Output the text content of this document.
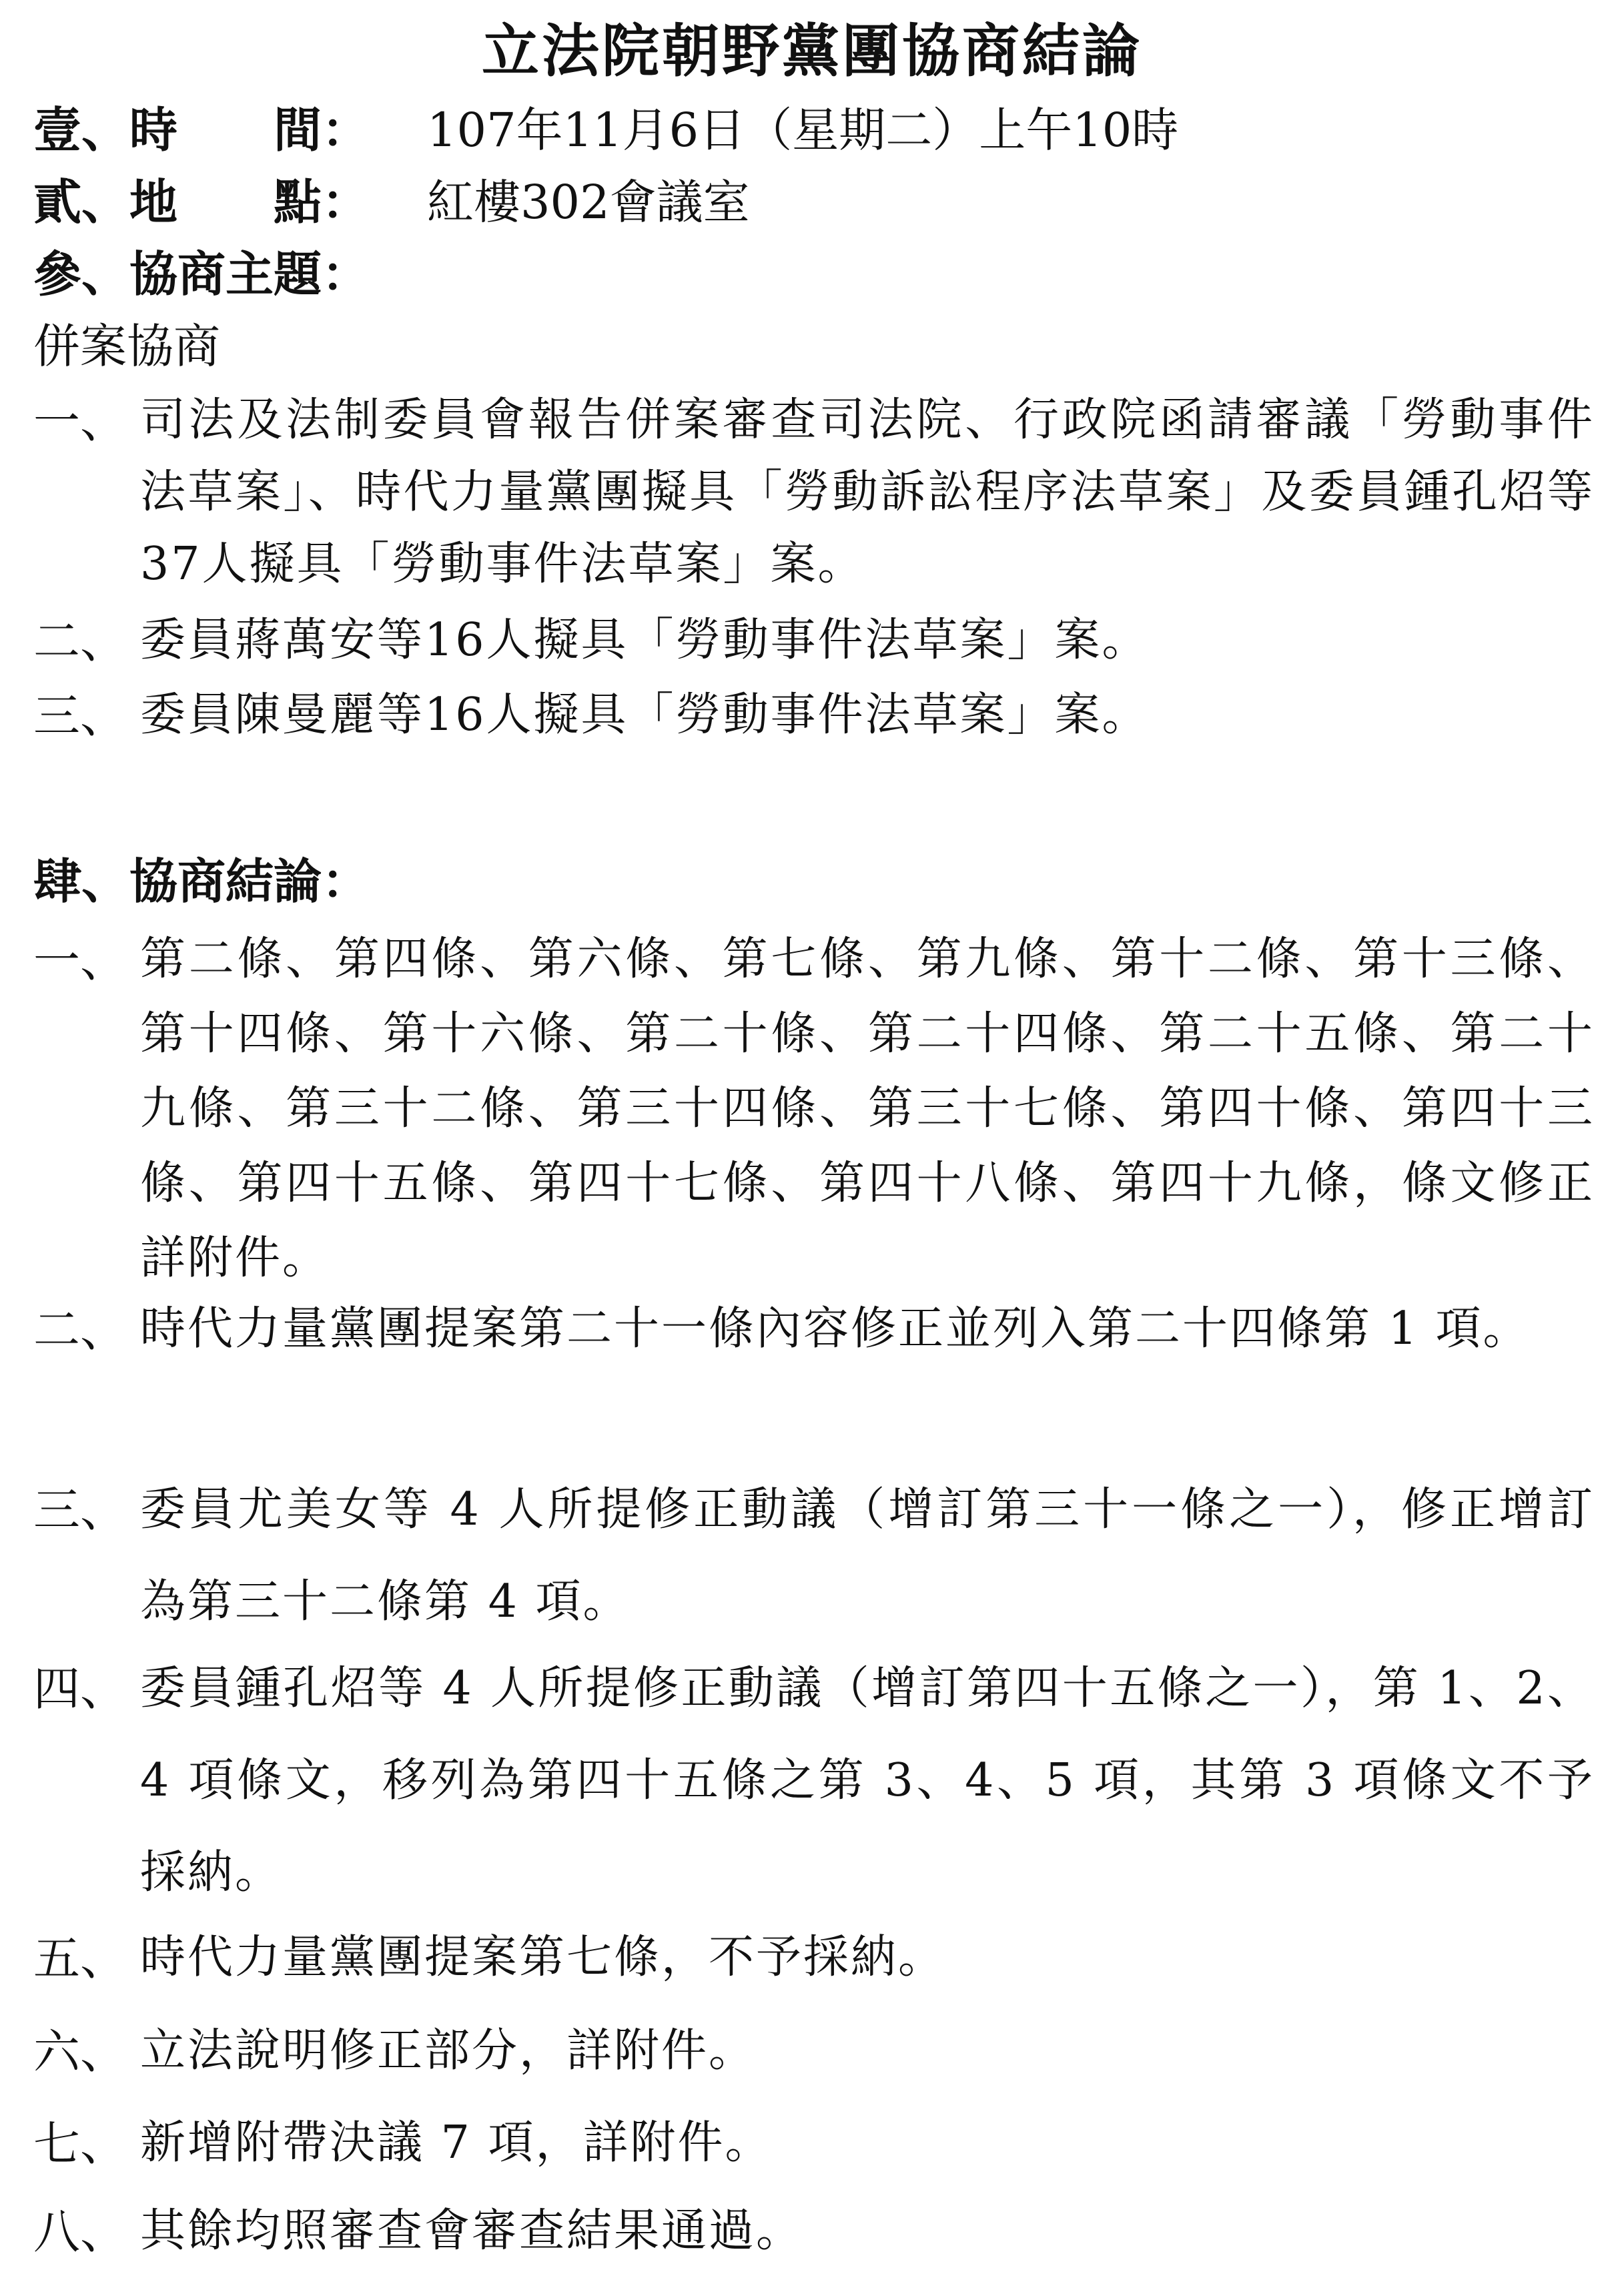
立法院朝野黨團協商結論
壹、時　　間： 107年11月6日（星期二）上午10時
貳、地　　點： 紅樓302會議室
參、協商主題：
併案協商
一、 司法及法制委員會報告併案審查司法院、行政院函請審議「勞動事件法草案」、時代力量黨團擬具「勞動訴訟程序法草案」及委員鍾孔炤等37人擬具「勞動事件法草案」案。
二、 委員蔣萬安等16人擬具「勞動事件法草案」案。
三、 委員陳曼麗等16人擬具「勞動事件法草案」案。
肆、協商結論：
一、 第二條、第四條、第六條、第七條、第九條、第十二條、第十三條、第十四條、第十六條、第二十條、第二十四條、第二十五條、第二十九條、第三十二條、第三十四條、第三十七條、第四十條、第四十三條、第四十五條、第四十七條、第四十八條、第四十九條，條文修正詳附件。
二、 時代力量黨團提案第二十一條內容修正並列入第二十四條第 1 項。
三、 委員尤美女等 4 人所提修正動議（增訂第三十一條之一），修正增訂為第三十二條第 4 項。
四、 委員鍾孔炤等 4 人所提修正動議（增訂第四十五條之一），第 1、2、4 項條文，移列為第四十五條之第 3、4、5 項，其第 3 項條文不予採納。
五、 時代力量黨團提案第七條，不予採納。
六、 立法說明修正部分，詳附件。
七、 新增附帶決議 7 項，詳附件。
八、 其餘均照審查會審查結果通過。
